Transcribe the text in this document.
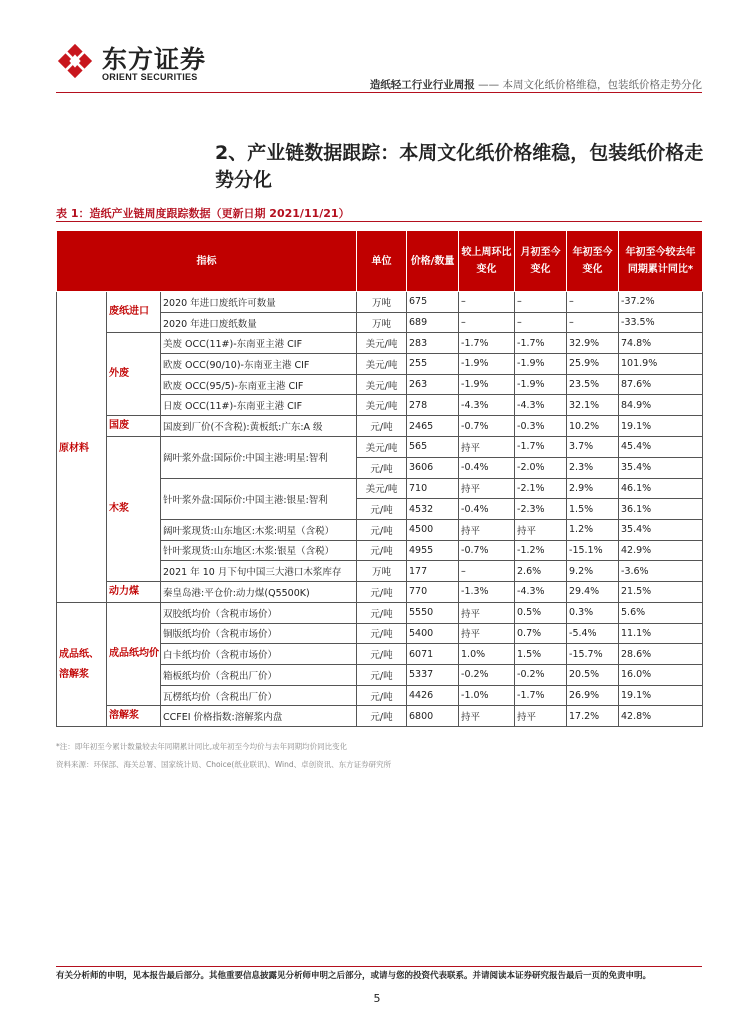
东方证券
ORIENT SECURITIES
造纸轻工行业行业周报 —— 本周文化纸价格维稳，包装纸价格走势分化
2、产业链数据跟踪：本周文化纸价格维稳，包装纸价格走势分化
表 1：造纸产业链周度跟踪数据（更新日期 2021/11/21）
指标			单位	价格/数量	较上周环比变化	月初至今变化	年初至今变化	年初至今较去年同期累计同比*
原材料	废纸进口	2020 年进口废纸许可数量	万吨	675	–	–	–	-37.2%
		2020 年进口废纸数量	万吨	689	–	–	–	-33.5%
	外废	美废 OCC(11#)-东南亚主港 CIF	美元/吨	283	-1.7%	-1.7%	32.9%	74.8%
		欧废 OCC(90/10)-东南亚主港 CIF	美元/吨	255	-1.9%	-1.9%	25.9%	101.9%
		欧废 OCC(95/5)-东南亚主港 CIF	美元/吨	263	-1.9%	-1.9%	23.5%	87.6%
		日废 OCC(11#)-东南亚主港 CIF	美元/吨	278	-4.3%	-4.3%	32.1%	84.9%
	国废	国废到厂价(不含税):黄板纸:广东:A 级	元/吨	2465	-0.7%	-0.3%	10.2%	19.1%
	木浆	阔叶浆外盘:国际价:中国主港:明星:智利	美元/吨	565	持平	-1.7%	3.7%	45.4%
			元/吨	3606	-0.4%	-2.0%	2.3%	35.4%
		针叶浆外盘:国际价:中国主港:银星:智利	美元/吨	710	持平	-2.1%	2.9%	46.1%
			元/吨	4532	-0.4%	-2.3%	1.5%	36.1%
		阔叶浆现货:山东地区:木浆:明星（含税）	元/吨	4500	持平	持平	1.2%	35.4%
		针叶浆现货:山东地区:木浆:银星（含税）	元/吨	4955	-0.7%	-1.2%	-15.1%	42.9%
		2021 年 10 月下旬中国三大港口木浆库存	万吨	177	–	2.6%	9.2%	-3.6%
	动力煤	秦皇岛港:平仓价:动力煤(Q5500K)	元/吨	770	-1.3%	-4.3%	29.4%	21.5%
成品纸、溶解浆	成品纸均价	双胶纸均价（含税市场价）	元/吨	5550	持平	0.5%	0.3%	5.6%
		铜版纸均价（含税市场价）	元/吨	5400	持平	0.7%	-5.4%	11.1%
		白卡纸均价（含税市场价）	元/吨	6071	1.0%	1.5%	-15.7%	28.6%
		箱板纸均价（含税出厂价）	元/吨	5337	-0.2%	-0.2%	20.5%	16.0%
		瓦楞纸均价（含税出厂价）	元/吨	4426	-1.0%	-1.7%	26.9%	19.1%
	溶解浆	CCFEI 价格指数:溶解浆内盘	元/吨	6800	持平	持平	17.2%	42.8%
*注：即年初至今累计数量较去年同期累计同比,或年初至今均价与去年同期均价同比变化
资料来源：环保部、海关总署、国家统计局、Choice(纸业联讯)、Wind、卓创资讯、东方证券研究所
有关分析师的申明，见本报告最后部分。其他重要信息披露见分析师申明之后部分，或请与您的投资代表联系。并请阅读本证券研究报告最后一页的免责申明。
5
